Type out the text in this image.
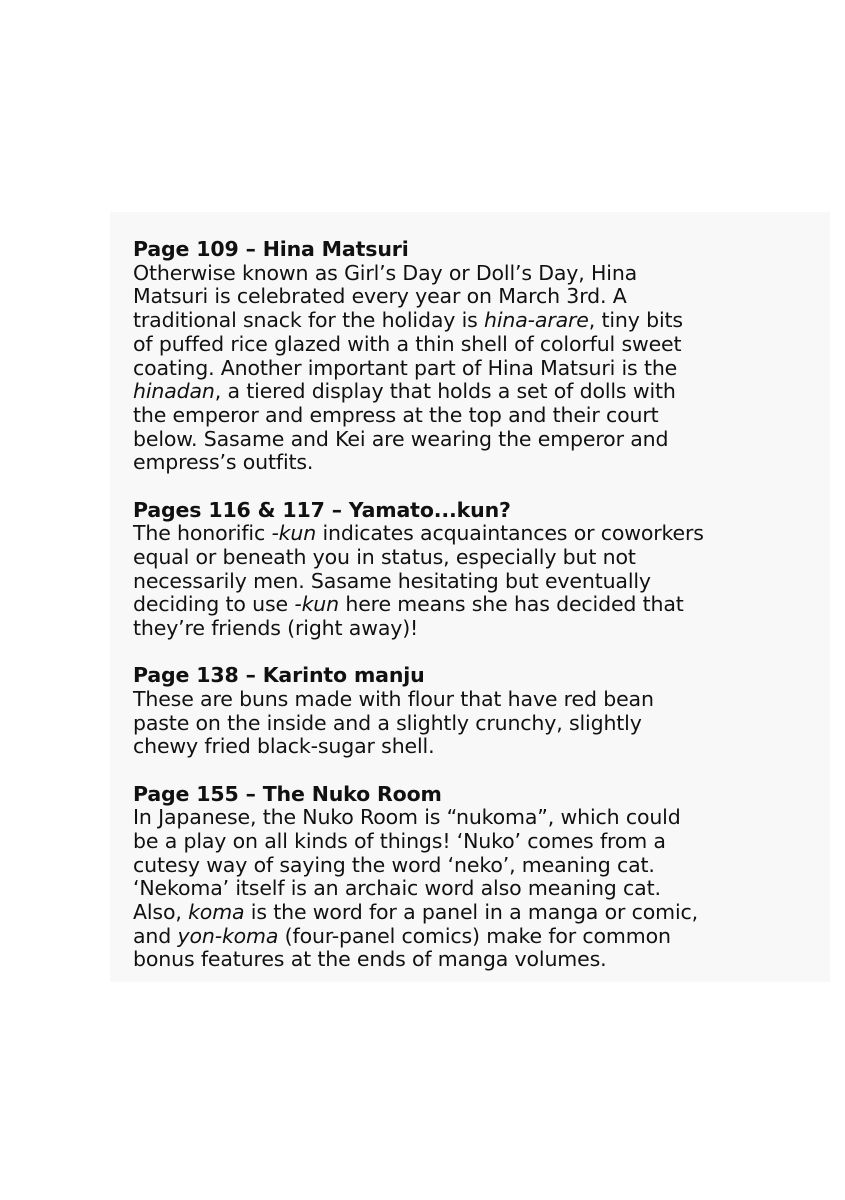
Page 109 – Hina Matsuri
Otherwise known as Girl’s Day or Doll’s Day, Hina
Matsuri is celebrated every year on March 3rd. A
traditional snack for the holiday is hina-arare, tiny bits
of puffed rice glazed with a thin shell of colorful sweet
coating. Another important part of Hina Matsuri is the
hinadan, a tiered display that holds a set of dolls with
the emperor and empress at the top and their court
below. Sasame and Kei are wearing the emperor and
empress’s outfits.
Pages 116 & 117 – Yamato...kun?
The honorific -kun indicates acquaintances or coworkers
equal or beneath you in status, especially but not
necessarily men. Sasame hesitating but eventually
deciding to use -kun here means she has decided that
they’re friends (right away)!
Page 138 – Karinto manju
These are buns made with flour that have red bean
paste on the inside and a slightly crunchy, slightly
chewy fried black-sugar shell.
Page 155 – The Nuko Room
In Japanese, the Nuko Room is “nukoma”, which could
be a play on all kinds of things! ‘Nuko’ comes from a
cutesy way of saying the word ‘neko’, meaning cat.
‘Nekoma’ itself is an archaic word also meaning cat.
Also, koma is the word for a panel in a manga or comic,
and yon-koma (four-panel comics) make for common
bonus features at the ends of manga volumes.
